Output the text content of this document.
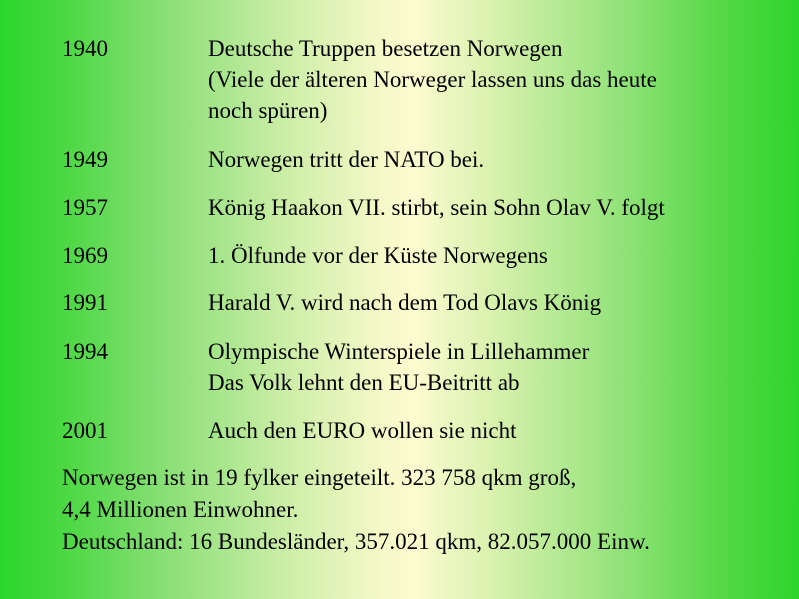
1940	Deutsche Truppen besetzen Norwegen
(Viele der älteren Norweger lassen uns das heute
noch spüren)
1949	Norwegen tritt der NATO bei.
1957	König Haakon VII. stirbt, sein Sohn Olav V. folgt
1969	1. Ölfunde vor der Küste Norwegens
1991	Harald V. wird nach dem Tod Olavs König
1994	Olympische Winterspiele in Lillehammer
Das Volk lehnt den EU-Beitritt ab
2001	Auch den EURO wollen sie nicht
Norwegen ist in 19 fylker eingeteilt. 323 758 qkm groß,
4,4 Millionen Einwohner.
Deutschland: 16 Bundesländer, 357.021 qkm, 82.057.000 Einw.
